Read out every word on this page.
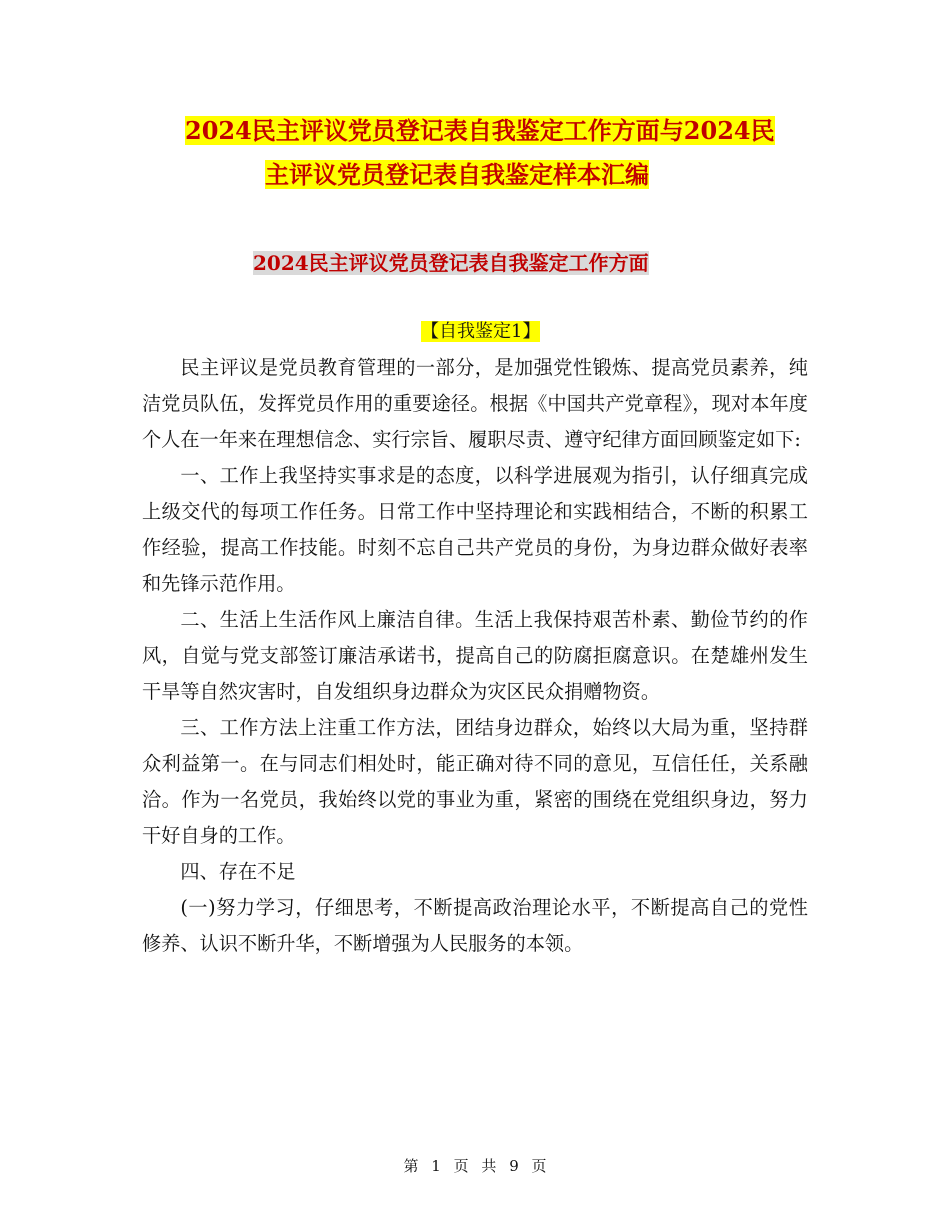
2024民主评议党员登记表自我鉴定工作方面与2024民
主评议党员登记表自我鉴定样本汇编
2024民主评议党员登记表自我鉴定工作方面
【自我鉴定1】

民主评议是党员教育管理的一部分，是加强党性锻炼、提高党员素养，纯洁党员队伍，发挥党员作用的重要途径。根据《中国共产党章程》，现对本年度个人在一年来在理想信念、实行宗旨、履职尽责、遵守纪律方面回顾鉴定如下:

一、工作上我坚持实事求是的态度，以科学进展观为指引，认仔细真完成上级交代的每项工作任务。日常工作中坚持理论和实践相结合，不断的积累工作经验，提高工作技能。时刻不忘自己共产党员的身份，为身边群众做好表率和先锋示范作用。

二、生活上生活作风上廉洁自律。生活上我保持艰苦朴素、勤俭节约的作风，自觉与党支部签订廉洁承诺书，提高自己的防腐拒腐意识。在楚雄州发生干旱等自然灾害时，自发组织身边群众为灾区民众捐赠物资。

三、工作方法上注重工作方法，团结身边群众，始终以大局为重，坚持群众利益第一。在与同志们相处时，能正确对待不同的意见，互信任任，关系融洽。作为一名党员，我始终以党的事业为重，紧密的围绕在党组织身边，努力干好自身的工作。

四、存在不足

(一)努力学习，仔细思考，不断提高政治理论水平，不断提高自己的党性修养、认识不断升华，不断增强为人民服务的本领。

第 1 页 共 9 页
